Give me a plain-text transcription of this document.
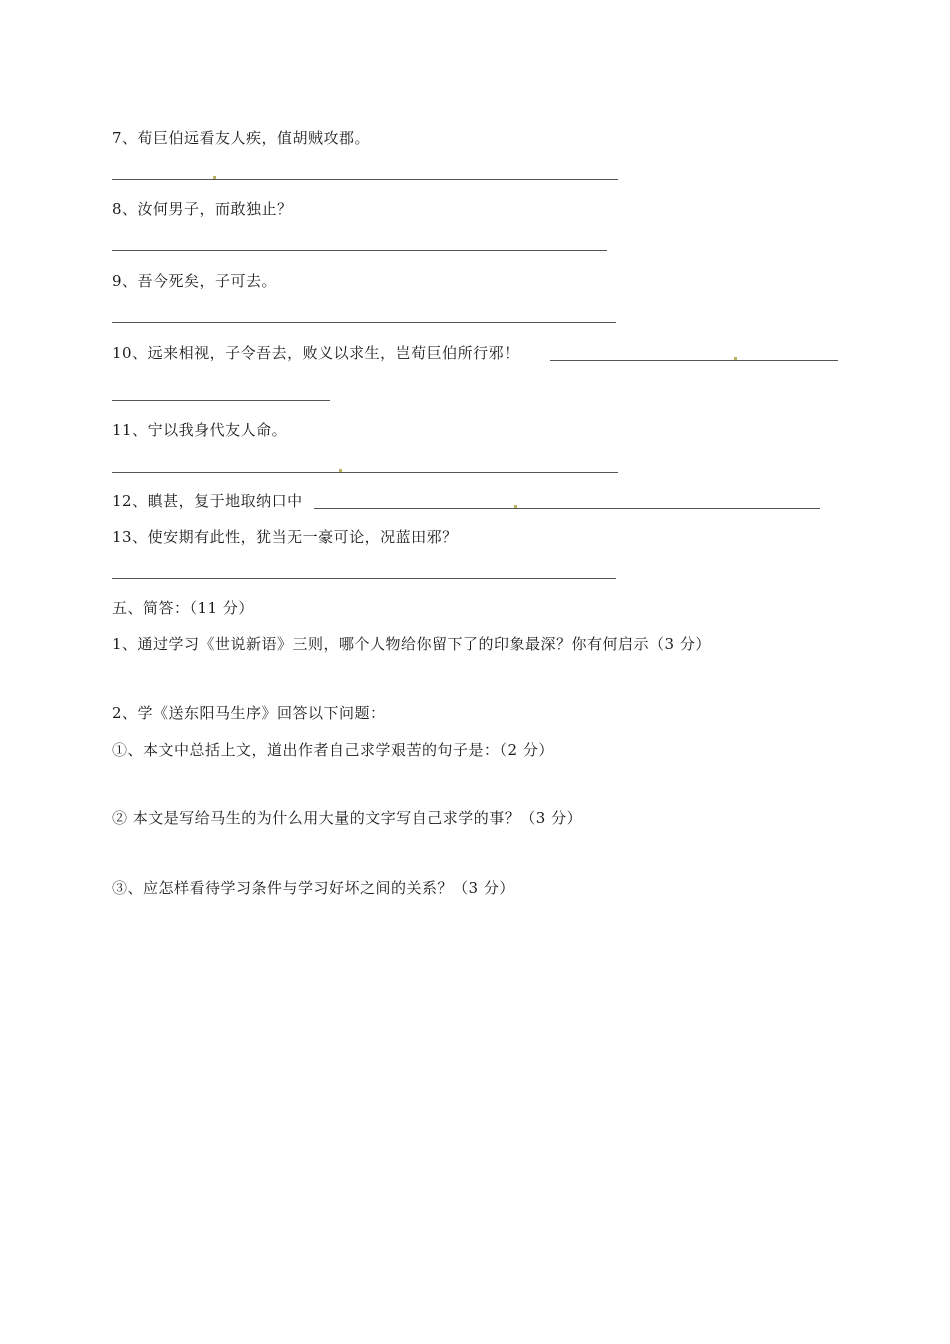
7、荀巨伯远看友人疾，值胡贼攻郡。
8、汝何男子，而敢独止？
9、吾今死矣，子可去。
10、远来相视，子令吾去，败义以求生，岂荀巨伯所行邪！
11、宁以我身代友人命。
12、瞋甚，复于地取纳口中
13、使安期有此性，犹当无一豪可论，况蓝田邪？
五、简答：（11 分）
1、通过学习《世说新语》三则，哪个人物给你留下了的印象最深？你有何启示（3 分）
2、学《送东阳马生序》回答以下问题：
①、本文中总括上文，道出作者自己求学艰苦的句子是：（2 分）
② 本文是写给马生的为什么用大量的文字写自己求学的事？（3 分）
③、应怎样看待学习条件与学习好坏之间的关系？（3 分）
